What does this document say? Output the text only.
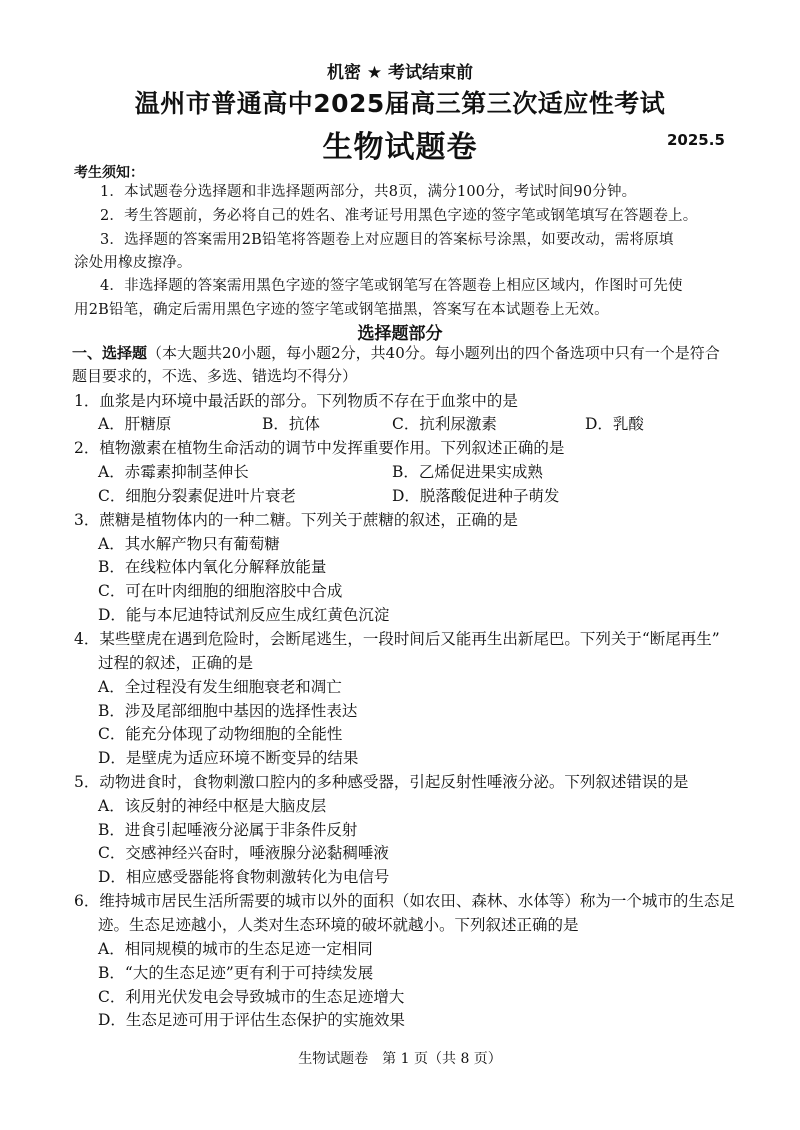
机密 ★ 考试结束前
温州市普通高中2025届高三第三次适应性考试
生物试题卷	2025.5
考生须知：
1．本试题卷分选择题和非选择题两部分，共8页，满分100分，考试时间90分钟。
2．考生答题前，务必将自己的姓名、准考证号用黑色字迹的签字笔或钢笔填写在答题卷上。
3．选择题的答案需用2B铅笔将答题卷上对应题目的答案标号涂黑，如要改动，需将原填
涂处用橡皮擦净。
4．非选择题的答案需用黑色字迹的签字笔或钢笔写在答题卷上相应区域内，作图时可先使
用2B铅笔，确定后需用黑色字迹的签字笔或钢笔描黑，答案写在本试题卷上无效。
选择题部分
一、选择题（本大题共20小题，每小题2分，共40分。每小题列出的四个备选项中只有一个是符合题目要求的，不选、多选、错选均不得分）
1．血浆是内环境中最活跃的部分。下列物质不存在于血浆中的是
A．肝糖原	B．抗体	C．抗利尿激素	D．乳酸
2．植物激素在植物生命活动的调节中发挥重要作用。下列叙述正确的是
A．赤霉素抑制茎伸长	B．乙烯促进果实成熟
C．细胞分裂素促进叶片衰老	D．脱落酸促进种子萌发
3．蔗糖是植物体内的一种二糖。下列关于蔗糖的叙述，正确的是
A．其水解产物只有葡萄糖
B．在线粒体内氧化分解释放能量
C．可在叶肉细胞的细胞溶胶中合成
D．能与本尼迪特试剂反应生成红黄色沉淀
4．某些壁虎在遇到危险时，会断尾逃生，一段时间后又能再生出新尾巴。下列关于“断尾再生”
过程的叙述，正确的是
A．全过程没有发生细胞衰老和凋亡
B．涉及尾部细胞中基因的选择性表达
C．能充分体现了动物细胞的全能性
D．是壁虎为适应环境不断变异的结果
5．动物进食时，食物刺激口腔内的多种感受器，引起反射性唾液分泌。下列叙述错误的是
A．该反射的神经中枢是大脑皮层
B．进食引起唾液分泌属于非条件反射
C．交感神经兴奋时，唾液腺分泌黏稠唾液
D．相应感受器能将食物刺激转化为电信号
6．维持城市居民生活所需要的城市以外的面积（如农田、森林、水体等）称为一个城市的生态足
迹。生态足迹越小，人类对生态环境的破坏就越小。下列叙述正确的是
A．相同规模的城市的生态足迹一定相同
B．“大的生态足迹”更有利于可持续发展
C．利用光伏发电会导致城市的生态足迹增大
D．生态足迹可用于评估生态保护的实施效果
生物试题卷　第 1 页（共 8 页）
